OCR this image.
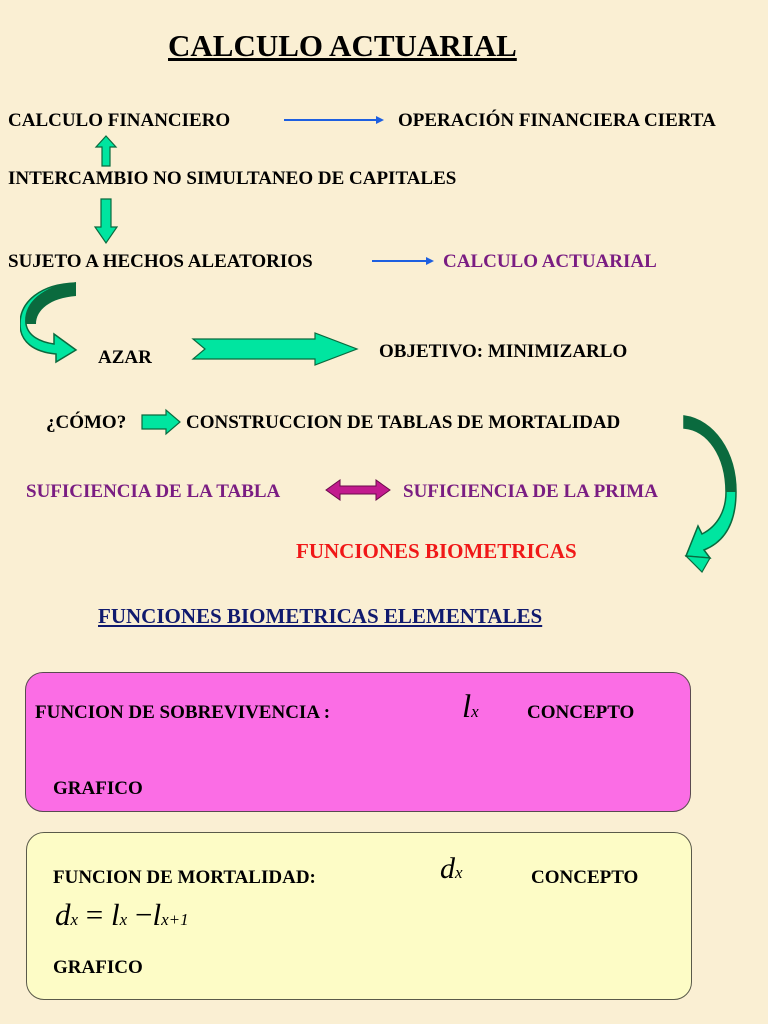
CALCULO ACTUARIAL
CALCULO FINANCIERO	OPERACIÓN FINANCIERA CIERTA
INTERCAMBIO NO SIMULTANEO DE CAPITALES
SUJETO A HECHOS ALEATORIOS	CALCULO ACTUARIAL
AZAR	OBJETIVO: MINIMIZARLO
¿CÓMO?	CONSTRUCCION DE TABLAS DE MORTALIDAD
SUFICIENCIA DE LA TABLA	SUFICIENCIA DE LA PRIMA
FUNCIONES BIOMETRICAS
FUNCIONES BIOMETRICAS ELEMENTALES
FUNCION DE SOBREVIVENCIA :	lx	CONCEPTO
GRAFICO
FUNCION DE MORTALIDAD:	dx	CONCEPTO
dx = lx −lx+1
GRAFICO
